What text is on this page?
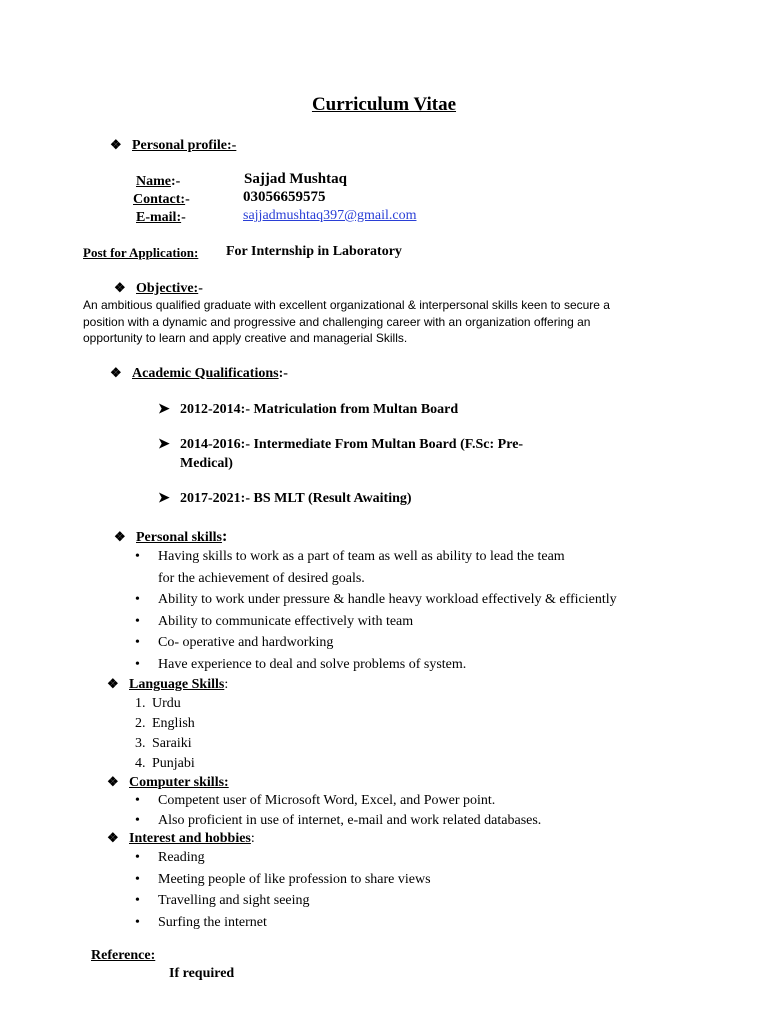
Curriculum Vitae
❖ Personal profile:-
Name:-	Sajjad Mushtaq
Contact:-	03056659575
E-mail:-	sajjadmushtaq397@gmail.com
Post for Application: For Internship in Laboratory
❖ Objective:-
An ambitious qualified graduate with excellent organizational & interpersonal skills keen to secure a
position with a dynamic and progressive and challenging career with an organization offering an
opportunity to learn and apply creative and managerial Skills.
❖ Academic Qualifications:-
➤ 2012-2014:- Matriculation from Multan Board
➤ 2014-2016:- Intermediate From Multan Board (F.Sc: Pre-
Medical)
➤ 2017-2021:- BS MLT (Result Awaiting)
❖ Personal skills:
• Having skills to work as a part of team as well as ability to lead the team
for the achievement of desired goals.
• Ability to work under pressure & handle heavy workload effectively & efficiently
• Ability to communicate effectively with team
• Co- operative and hardworking
• Have experience to deal and solve problems of system.
❖ Language Skills:
1. Urdu
2. English
3. Saraiki
4. Punjabi
❖ Computer skills:
• Competent user of Microsoft Word, Excel, and Power point.
• Also proficient in use of internet, e-mail and work related databases.
❖ Interest and hobbies:
• Reading
• Meeting people of like profession to share views
• Travelling and sight seeing
• Surfing the internet
Reference:
If required
